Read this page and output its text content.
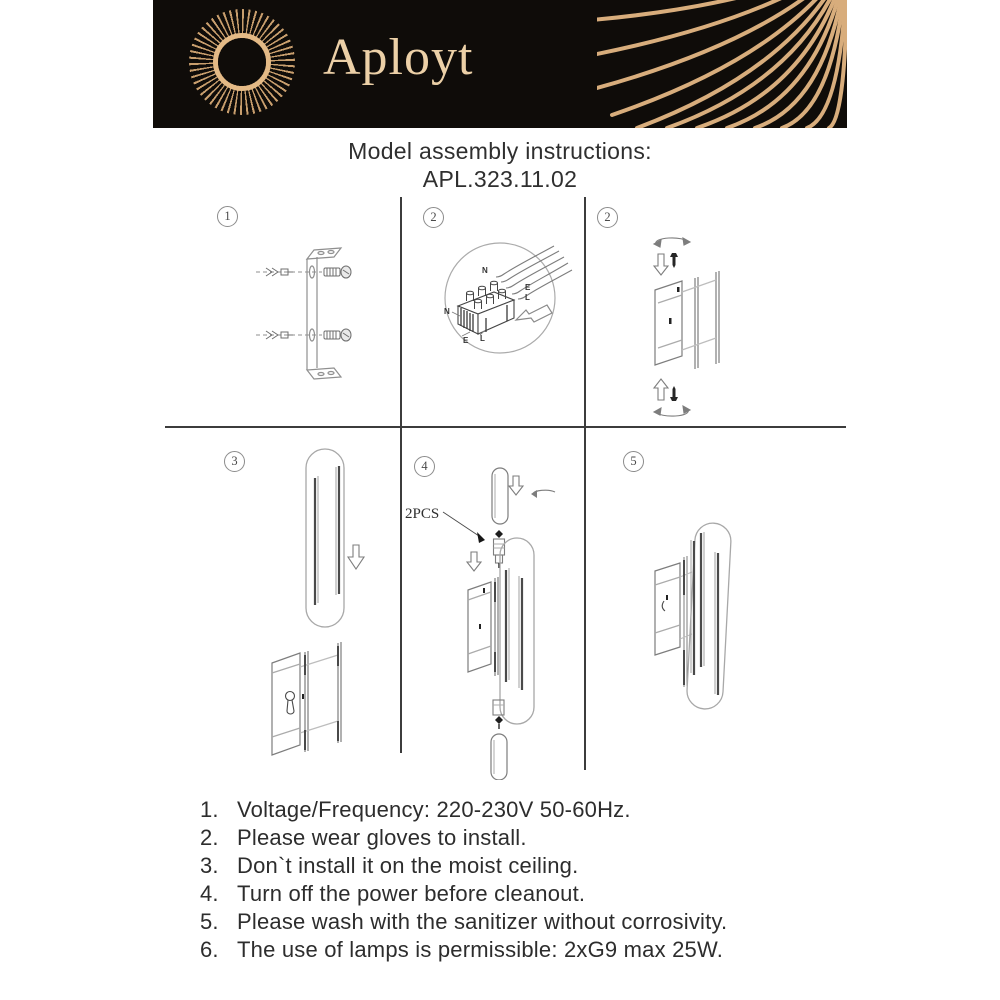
Aployt
Model assembly instructions:
APL.323.11.02
1	2	2
3	4	5
N
E
L
N
E L
2PCS
1. Voltage/Frequency: 220-230V 50-60Hz.
2. Please wear gloves to install.
3. Don`t install it on the moist ceiling.
4. Turn off the power before cleanout.
5. Please wash with the sanitizer without corrosivity.
6. The use of lamps is permissible: 2xG9 max 25W.
